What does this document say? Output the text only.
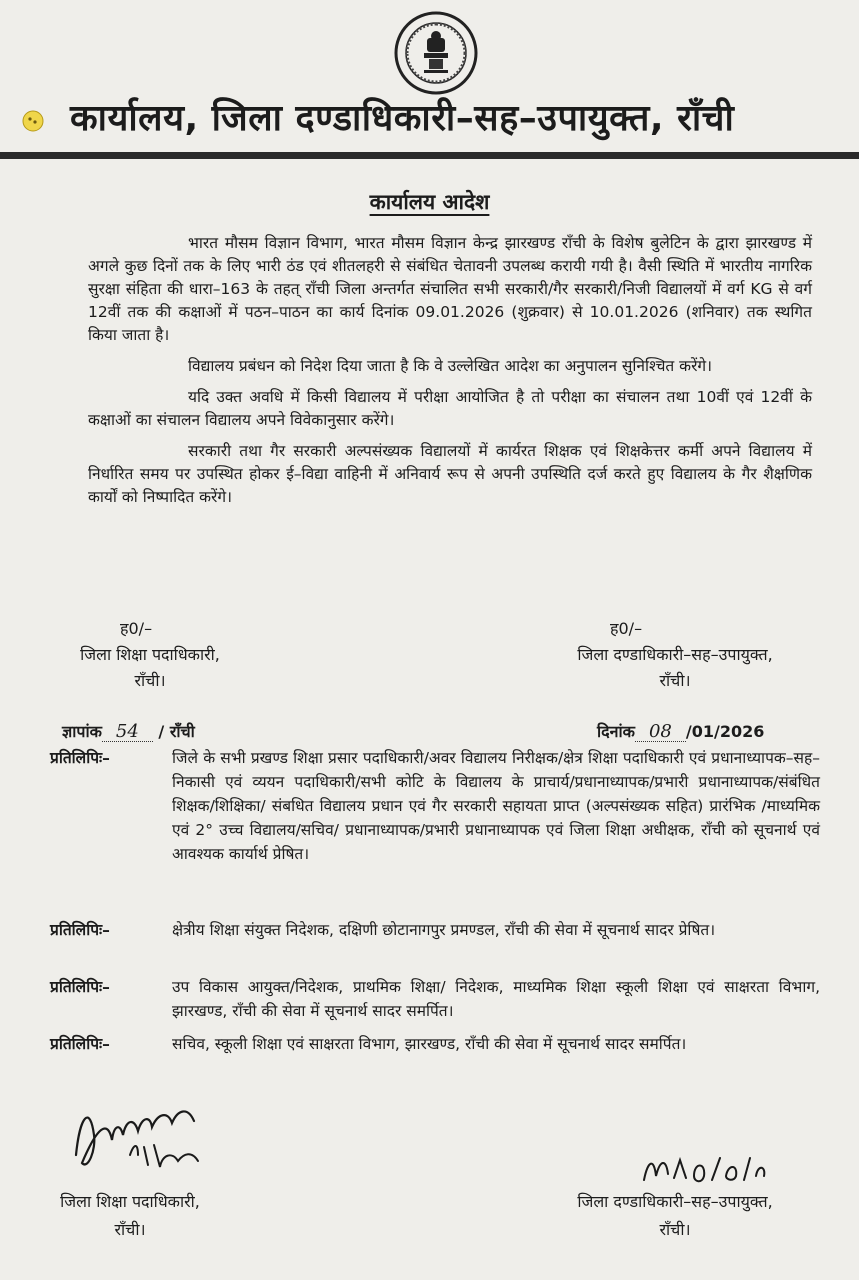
कार्यालय, जिला दण्डाधिकारी–सह–उपायुक्त, राँची
कार्यालय आदेश

भारत मौसम विज्ञान विभाग, भारत मौसम विज्ञान केन्द्र झारखण्ड राँची के विशेष बुलेटिन के द्वारा झारखण्ड में अगले कुछ दिनों तक के लिए भारी ठंड एवं शीतलहरी से संबंधित चेतावनी उपलब्ध करायी गयी है। वैसी स्थिति में भारतीय नागरिक सुरक्षा संहिता की धारा–163 के तहत् राँची जिला अन्तर्गत संचालित सभी सरकारी/गैर सरकारी/निजी विद्यालयों में वर्ग KG से वर्ग 12वीं तक की कक्षाओं में पठन–पाठन का कार्य दिनांक 09.01.2026 (शुक्रवार) से 10.01.2026 (शनिवार) तक स्थगित किया जाता है।

विद्यालय प्रबंधन को निदेश दिया जाता है कि वे उल्लेखित आदेश का अनुपालन सुनिश्चित करेंगे।

यदि उक्त अवधि में किसी विद्यालय में परीक्षा आयोजित है तो परीक्षा का संचालन तथा 10वीं एवं 12वीं के कक्षाओं का संचालन विद्यालय अपने विवेकानुसार करेंगे।

सरकारी तथा गैर सरकारी अल्पसंख्यक विद्यालयों में कार्यरत शिक्षक एवं शिक्षकेत्तर कर्मी अपने विद्यालय में निर्धारित समय पर उपस्थित होकर ई–विद्या वाहिनी में अनिवार्य रूप से अपनी उपस्थिति दर्ज करते हुए विद्यालय के गैर शैक्षणिक कार्यों को निष्पादित करेंगे।

ह0/–
जिला शिक्षा पदाधिकारी,
राँची।
ह0/–
जिला दण्डाधिकारी–सह–उपायुक्त,
राँची।
ज्ञापांक 54 / राँची	दिनांक 08 /01/2026
प्रतिलिपिः–	जिले के सभी प्रखण्ड शिक्षा प्रसार पदाधिकारी/अवर विद्यालय निरीक्षक/क्षेत्र शिक्षा पदाधिकारी एवं प्रधानाध्यापक–सह–निकासी एवं व्ययन पदाधिकारी/सभी कोटि के विद्यालय के प्राचार्य/प्रधानाध्यापक/प्रभारी प्रधानाध्यापक/संबंधित शिक्षक/शिक्षिका/ संबधित विद्यालय प्रधान एवं गैर सरकारी सहायता प्राप्त (अल्पसंख्यक सहित) प्रारंभिक /माध्यमिक एवं 2° उच्च विद्यालय/सचिव/ प्रधानाध्यापक/प्रभारी प्रधानाध्यापक एवं जिला शिक्षा अधीक्षक, राँची को सूचनार्थ एवं आवश्यक कार्यार्थ प्रेषित।
प्रतिलिपिः–	क्षेत्रीय शिक्षा संयुक्त निदेशक, दक्षिणी छोटानागपुर प्रमण्डल, राँची की सेवा में सूचनार्थ सादर प्रेषित।
प्रतिलिपिः–	उप विकास आयुक्त/निदेशक, प्राथमिक शिक्षा/ निदेशक, माध्यमिक शिक्षा स्कूली शिक्षा एवं साक्षरता विभाग, झारखण्ड, राँची की सेवा में सूचनार्थ सादर समर्पित।
प्रतिलिपिः–	सचिव, स्कूली शिक्षा एवं साक्षरता विभाग, झारखण्ड, राँची की सेवा में सूचनार्थ सादर समर्पित।
जिला शिक्षा पदाधिकारी,
राँची।
जिला दण्डाधिकारी–सह–उपायुक्त,
राँची।
